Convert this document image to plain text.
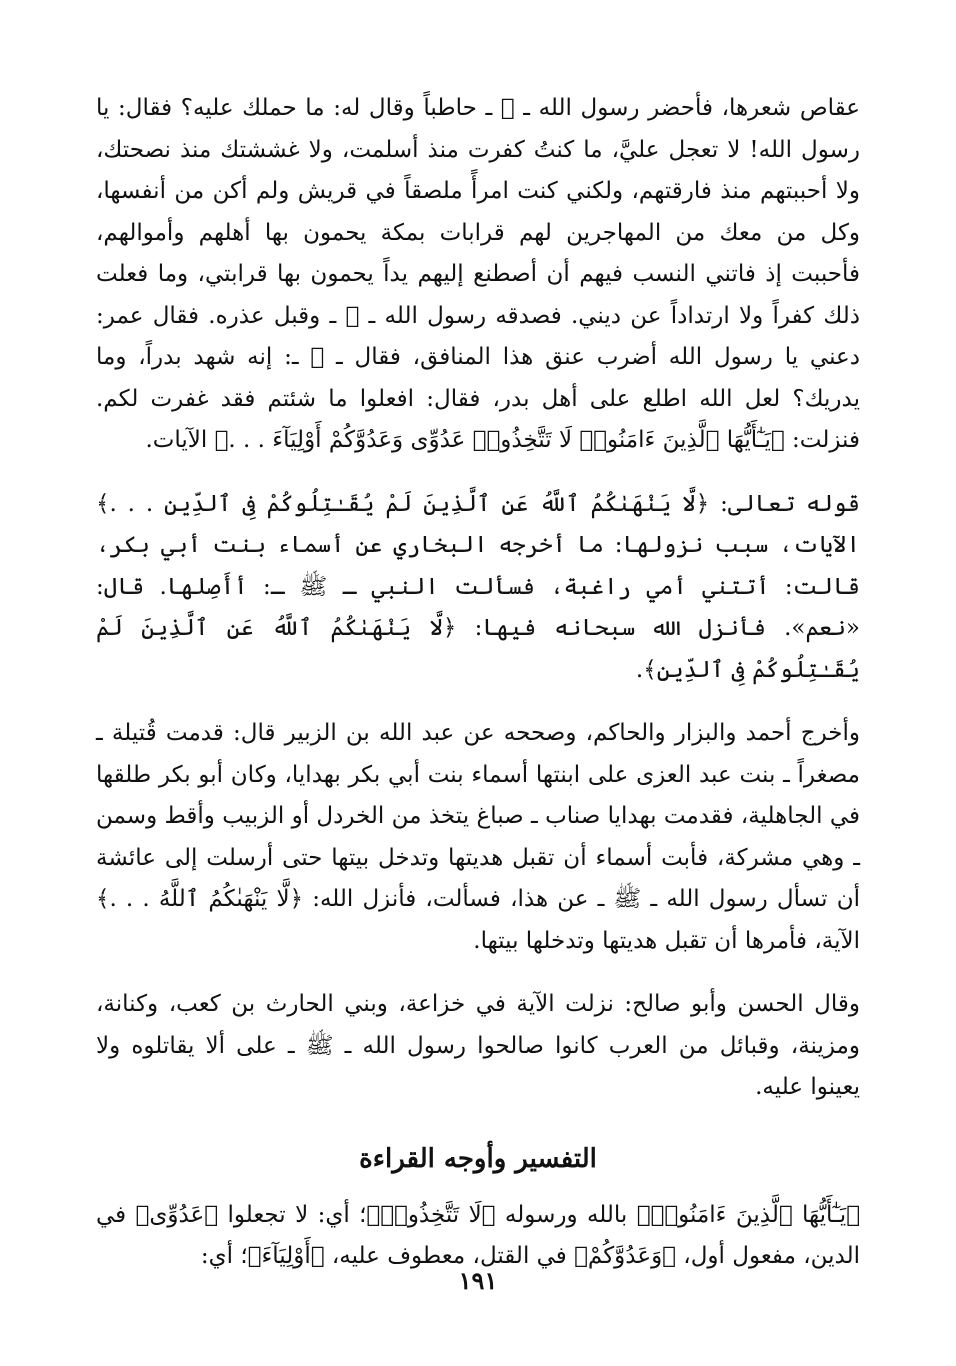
عقاص شعرها، فأحضر رسول الله ـ ﷺ ـ حاطباً وقال له: ما حملك عليه؟ فقال: يا رسول الله! لا تعجل عليَّ، ما كنتُ كفرت منذ أسلمت، ولا غششتك منذ نصحتك، ولا أحببتهم منذ فارقتهم، ولكني كنت امرأً ملصقاً في قريش ولم أكن من أنفسها، وكل من معك من المهاجرين لهم قرابات بمكة يحمون بها أهلهم وأموالهم، فأحببت إذ فاتني النسب فيهم أن أصطنع إليهم يداً يحمون بها قرابتي، وما فعلت ذلك كفراً ولا ارتداداً عن ديني. فصدقه رسول الله ـ ﷺ ـ وقبل عذره. فقال عمر: دعني يا رسول الله أضرب عنق هذا المنافق، فقال ـ ﷺ ـ: إنه شهد بدراً، وما يدريك؟ لعل الله اطلع على أهل بدر، فقال: افعلوا ما شئتم فقد غفرت لكم. فنزلت: ﴿يَـٰٓأَيُّهَا ٱلَّذِينَ ءَامَنُوا۟ لَا تَتَّخِذُوا۟ عَدُوِّى وَعَدُوَّكُمْ أَوْلِيَآءَ . . .﴾ الآيات.

قوله تعالى: ﴿لَّا يَنْهَىٰكُمُ ٱللَّهُ عَنِ ٱلَّذِينَ لَمْ يُقَـٰتِلُوكُمْ فِى ٱلدِّينِ . . .﴾ الآيات، سبب نزولها: ما أخرجه البخاري عن أسماء بنت أبي بكر، قالت: أتتني أمي راغبة، فسألت النبي ـ ﷺ ـ: أأَصِلها. قال: «نعم». فأنزل الله سبحانه فيها: ﴿لَّا يَنْهَىٰكُمُ ٱللَّهُ عَنِ ٱلَّذِينَ لَمْ يُقَـٰتِلُوكُمْ فِى ٱلدِّينِ﴾.

وأخرج أحمد والبزار والحاكم، وصححه عن عبد الله بن الزبير قال: قدمت قُتيلة ـ مصغراً ـ بنت عبد العزى على ابنتها أسماء بنت أبي بكر بهدايا، وكان أبو بكر طلقها في الجاهلية، فقدمت بهدايا صناب ـ صباغ يتخذ من الخردل أو الزبيب وأقط وسمن ـ وهي مشركة، فأبت أسماء أن تقبل هديتها وتدخل بيتها حتى أرسلت إلى عائشة أن تسأل رسول الله ـ ﷺ ـ عن هذا، فسألت، فأنزل الله: ﴿لَّا يَنْهَىٰكُمُ ٱللَّهُ . . .﴾ الآية، فأمرها أن تقبل هديتها وتدخلها بيتها.

وقال الحسن وأبو صالح: نزلت الآية في خزاعة، وبني الحارث بن كعب، وكنانة، ومزينة، وقبائل من العرب كانوا صالحوا رسول الله ـ ﷺ ـ على ألا يقاتلوه ولا يعينوا عليه.

التفسير وأوجه القراءة

﴿يَـٰٓأَيُّهَا ٱلَّذِينَ ءَامَنُوا۟﴾ بالله ورسوله ﴿لَا تَتَّخِذُوا۟﴾؛ أي: لا تجعلوا ﴿عَدُوِّى﴾ في الدين، مفعول أول، ﴿وَعَدُوَّكُمْ﴾ في القتل، معطوف عليه، ﴿أَوْلِيَآءَ﴾؛ أي:

١٩١
